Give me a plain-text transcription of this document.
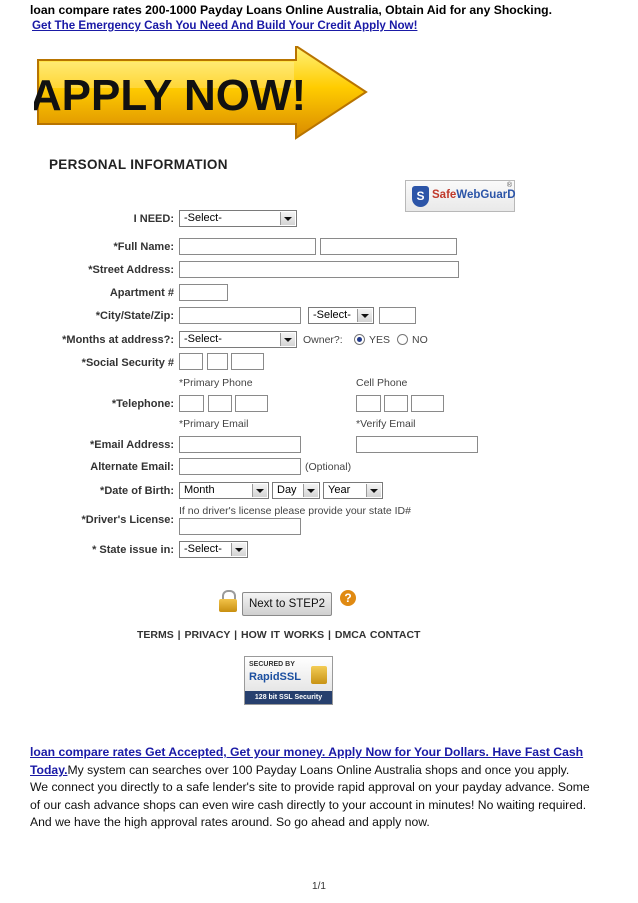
loan compare rates 200-1000 Payday Loans Online Australia, Obtain Aid for any Shocking.
Get The Emergency Cash You Need And Build Your Credit Apply Now!
APPLY NOW!
PERSONAL INFORMATION
S SafeWebGuarD
®
I NEED: -Select-
*Full Name:
*Street Address:
Apartment #
*City/State/Zip:	-Select-
*Months at address?: -Select-	Owner?:	YES NO
*Social Security #
*Primary Phone	Cell Phone
*Telephone:
*Primary Email	*Verify Email
*Email Address:
Alternate Email:	(Optional)
*Date of Birth: Month	Day	Year
If no driver's license please provide your state ID#
*Driver's License:
* State issue in: -Select-
Next to STEP2	?
TERMS | PRIVACY | HOW IT WORKS | DMCA CONTACT
SECURED BY
RapidSSL
128 bit SSL Security
loan compare rates Get Accepted, Get your money. Apply Now for Your Dollars. Have Fast Cash Today.My system can searches over 100 Payday Loans Online Australia shops and once you apply. We connect you directly to a safe lender's site to provide rapid approval on your payday advance. Some of our cash advance shops can even wire cash directly to your account in minutes! No waiting required. And we have the high approval rates around. So go ahead and apply now.
1/1
